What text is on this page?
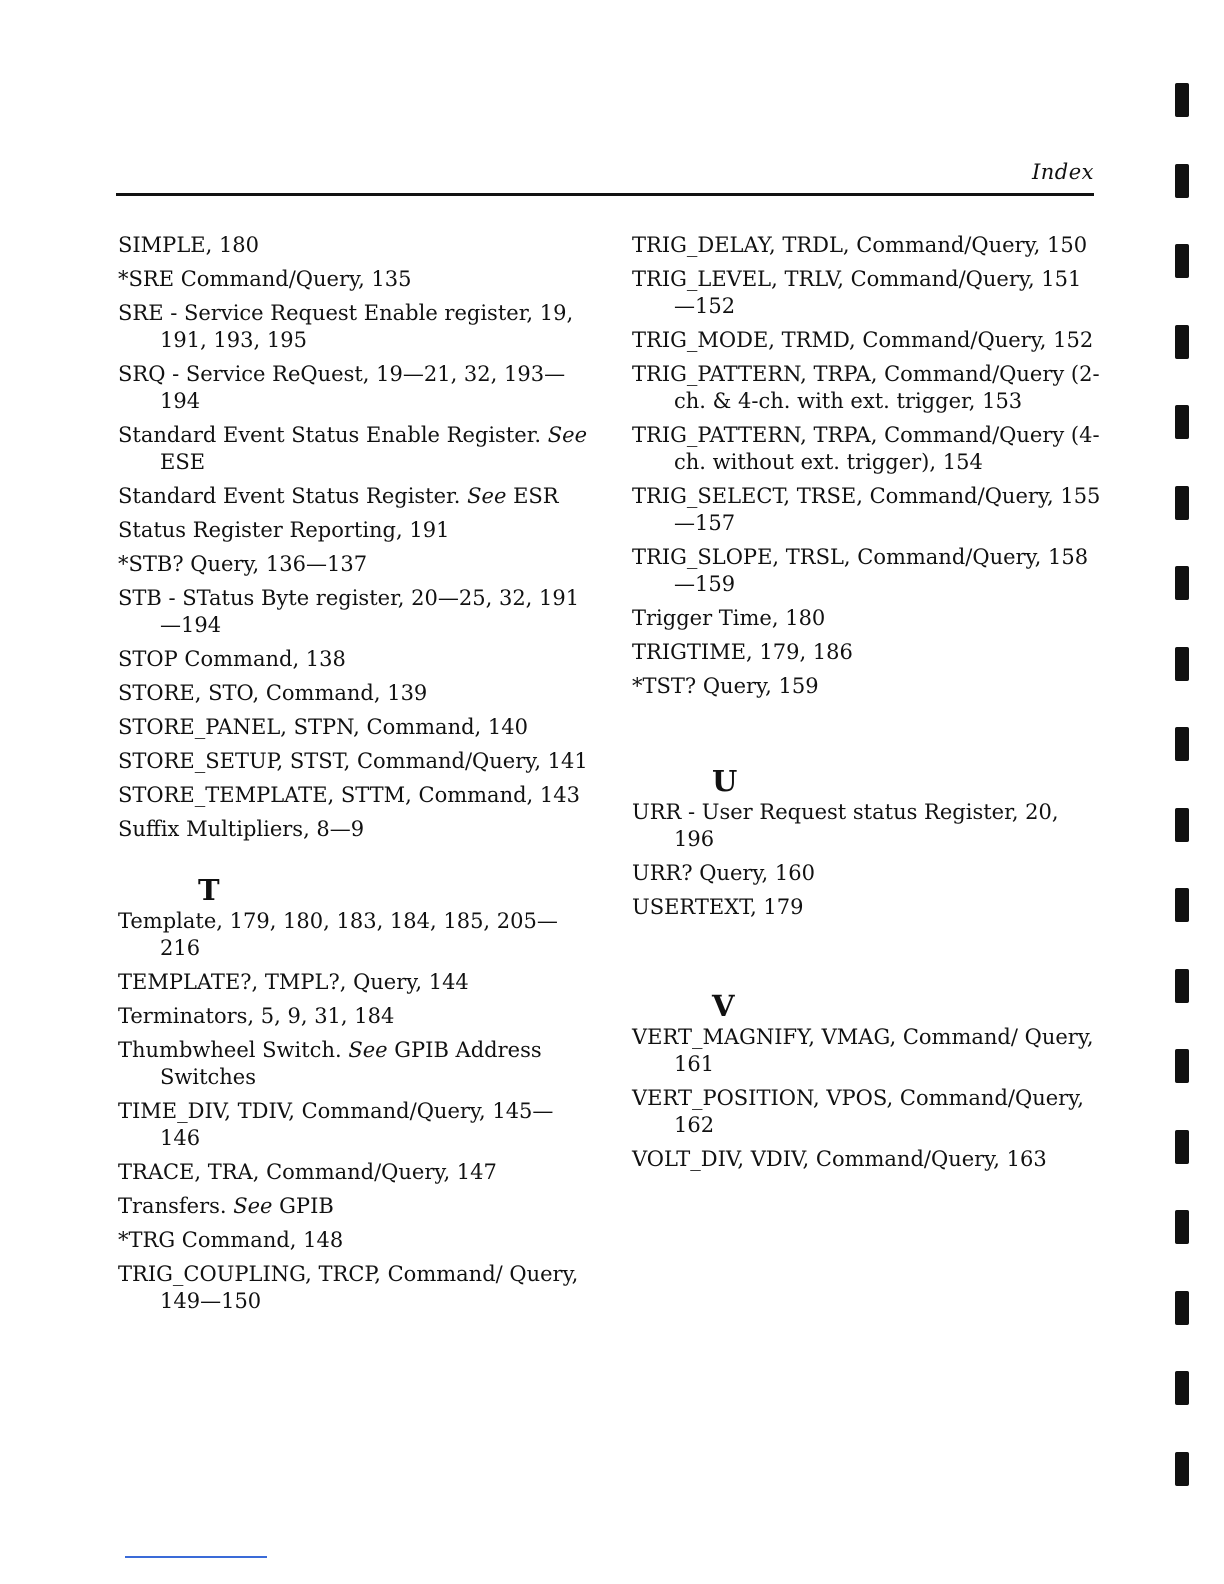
Index
SIMPLE, 180
*SRE Command/Query, 135
SRE - Service Request Enable register, 19, 191, 193, 195
SRQ - Service ReQuest, 19—21, 32, 193—194
Standard Event Status Enable Register. See ESE
Standard Event Status Register. See ESR
Status Register Reporting, 191
*STB? Query, 136—137
STB - STatus Byte register, 20—25, 32, 191—194
STOP Command, 138
STORE, STO, Command, 139
STORE_PANEL, STPN, Command, 140
STORE_SETUP, STST, Command/Query, 141
STORE_TEMPLATE, STTM, Command, 143
Suffix Multipliers, 8—9
T
Template, 179, 180, 183, 184, 185, 205—216
TEMPLATE?, TMPL?, Query, 144
Terminators, 5, 9, 31, 184
Thumbwheel Switch. See GPIB Address Switches
TIME_DIV, TDIV, Command/Query, 145—146
TRACE, TRA, Command/Query, 147
Transfers. See GPIB
*TRG Command, 148
TRIG_COUPLING, TRCP, Command/ Query, 149—150
TRIG_DELAY, TRDL, Command/Query, 150
TRIG_LEVEL, TRLV, Command/Query, 151—152
TRIG_MODE, TRMD, Command/Query, 152
TRIG_PATTERN, TRPA, Command/Query (2-ch. & 4-ch. with ext. trigger, 153
TRIG_PATTERN, TRPA, Command/Query (4-ch. without ext. trigger), 154
TRIG_SELECT, TRSE, Command/Query, 155—157
TRIG_SLOPE, TRSL, Command/Query, 158—159
Trigger Time, 180
TRIGTIME, 179, 186
*TST? Query, 159
U
URR - User Request status Register, 20, 196
URR? Query, 160
USERTEXT, 179
V
VERT_MAGNIFY, VMAG, Command/ Query, 161
VERT_POSITION, VPOS, Command/Query, 162
VOLT_DIV, VDIV, Command/Query, 163
